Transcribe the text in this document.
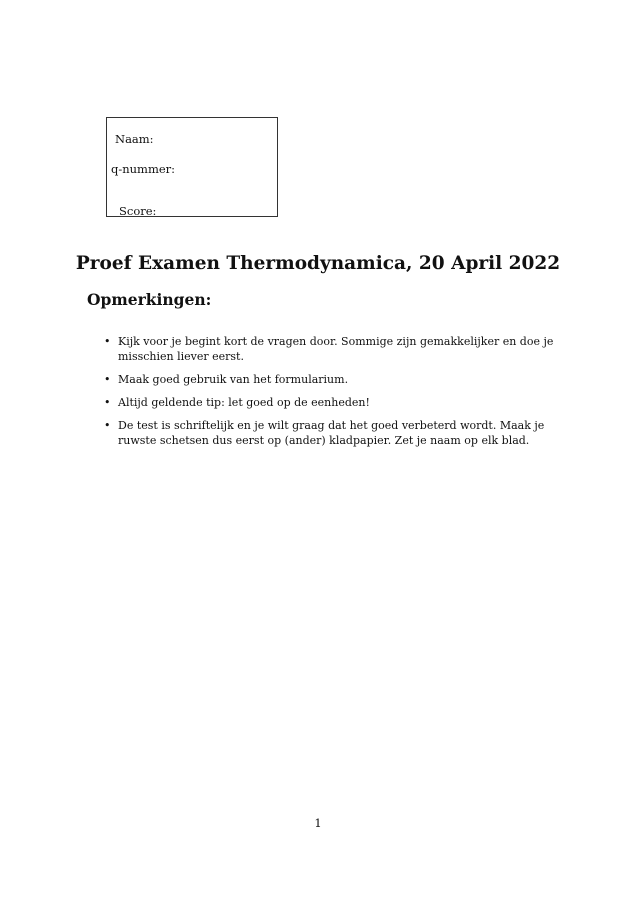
Naam:
q-nummer:
Score:
Proef Examen Thermodynamica, 20 April 2022
Opmerkingen:
• Kijk voor je begint kort de vragen door. Sommige zijn gemakkelijker en doe je misschien liever eerst.
• Maak goed gebruik van het formularium.
• Altijd geldende tip: let goed op de eenheden!
• De test is schriftelijk en je wilt graag dat het goed verbeterd wordt. Maak je ruwste schetsen dus eerst op (ander) kladpapier. Zet je naam op elk blad.
1
